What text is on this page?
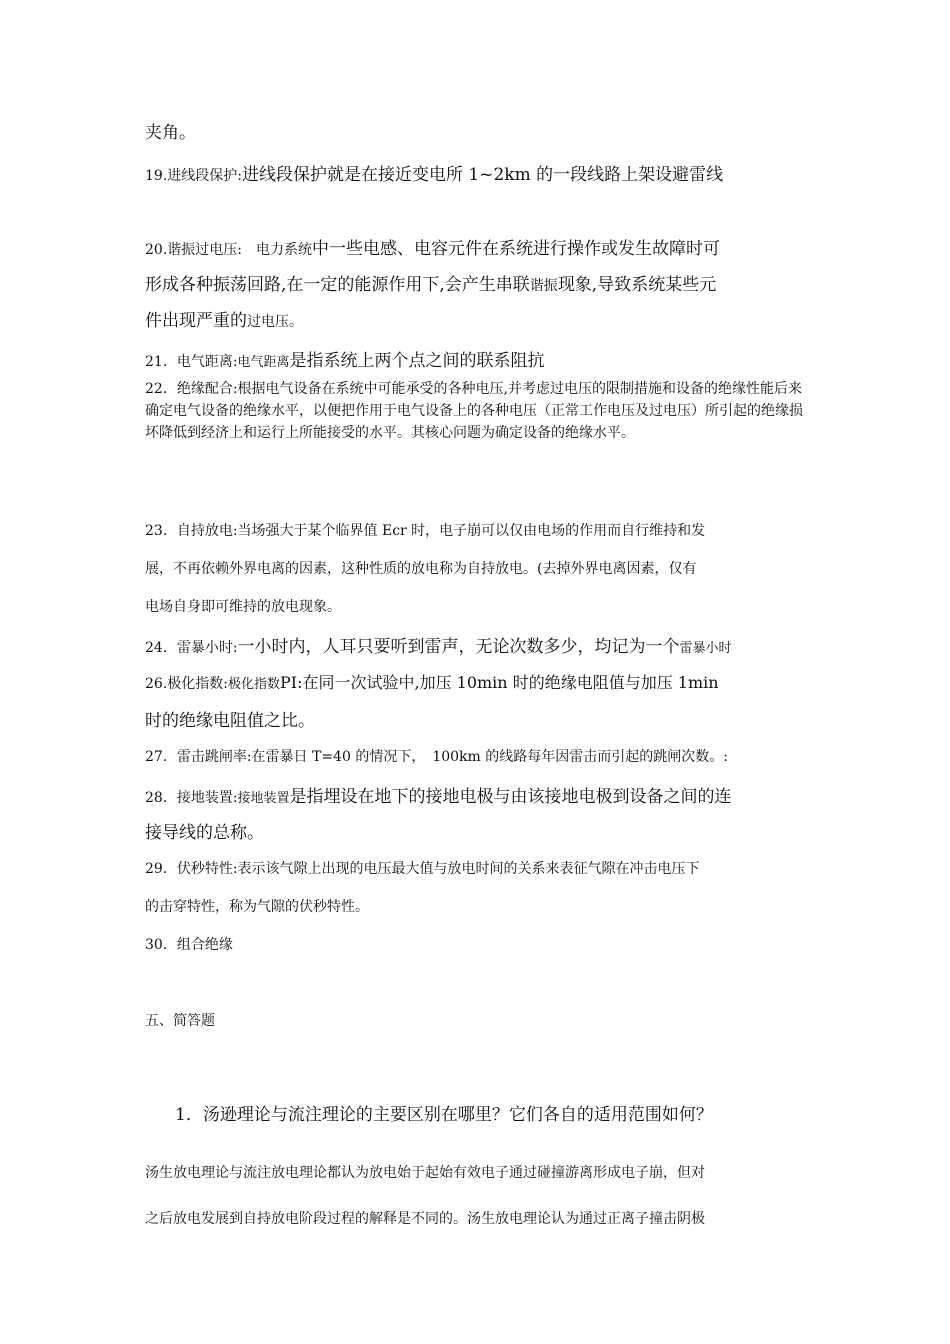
夹角。

19.进线段保护:进线段保护就是在接近变电所 1~2km 的一段线路上架设避雷线

20.谐振过电压: 电力系统中一些电感、电容元件在系统进行操作或发生故障时可

形成各种振荡回路,在一定的能源作用下,会产生串联谐振现象,导致系统某些元

件出现严重的过电压。

21．电气距离:电气距离是指系统上两个点之间的联系阻抗

22．绝缘配合:根据电气设备在系统中可能承受的各种电压,并考虑过电压的限制措施和设备的绝缘性能后来确定电气设备的绝缘水平，以便把作用于电气设备上的各种电压（正常工作电压及过电压）所引起的绝缘损坏降低到经济上和运行上所能接受的水平。其核心问题为确定设备的绝缘水平。

23．自持放电:当场强大于某个临界值 Ecr 时，电子崩可以仅由电场的作用而自行维持和发

展，不再依赖外界电离的因素，这种性质的放电称为自持放电。(去掉外界电离因素，仅有

电场自身即可维持的放电现象。

24．雷暴小时:一小时内，人耳只要听到雷声，无论次数多少，均记为一个雷暴小时

26.极化指数:极化指数PI:在同一次试验中,加压 10min 时的绝缘电阻值与加压 1min

时的绝缘电阻值之比。

27．雷击跳闸率:在雷暴日 T=40 的情况下，　100km 的线路每年因雷击而引起的跳闸次数。:

28．接地装置:接地装置是指埋设在地下的接地电极与由该接地电极到设备之间的连

接导线的总称。

29．伏秒特性:表示该气隙上出现的电压最大值与放电时间的关系来表征气隙在冲击电压下

的击穿特性，称为气隙的伏秒特性。

30．组合绝缘

五、简答题

1．汤逊理论与流注理论的主要区别在哪里？它们各自的适用范围如何？

汤生放电理论与流注放电理论都认为放电始于起始有效电子通过碰撞游离形成电子崩，但对

之后放电发展到自持放电阶段过程的解释是不同的。汤生放电理论认为通过正离子撞击阴极
